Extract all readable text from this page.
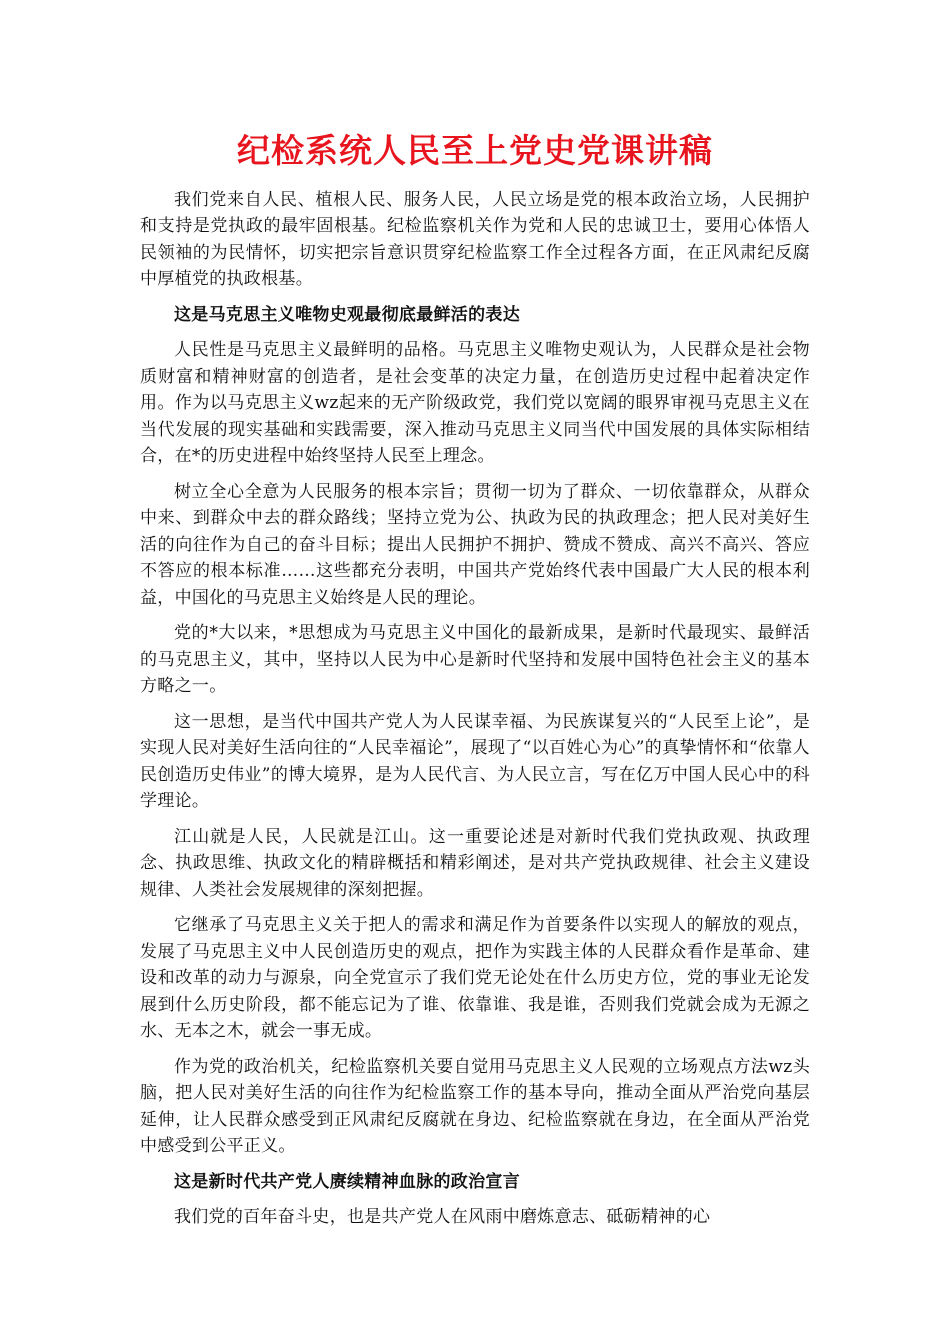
纪检系统人民至上党史党课讲稿

我们党来自人民、植根人民、服务人民，人民立场是党的根本政治立场，人民拥护和支持是党执政的最牢固根基。纪检监察机关作为党和人民的忠诚卫士，要用心体悟人民领袖的为民情怀，切实把宗旨意识贯穿纪检监察工作全过程各方面，在正风肃纪反腐中厚植党的执政根基。

这是马克思主义唯物史观最彻底最鲜活的表达

人民性是马克思主义最鲜明的品格。马克思主义唯物史观认为，人民群众是社会物质财富和精神财富的创造者，是社会变革的决定力量，在创造历史过程中起着决定作用。作为以马克思主义wz起来的无产阶级政党，我们党以宽阔的眼界审视马克思主义在当代发展的现实基础和实践需要，深入推动马克思主义同当代中国发展的具体实际相结合，在*的历史进程中始终坚持人民至上理念。

树立全心全意为人民服务的根本宗旨；贯彻一切为了群众、一切依靠群众，从群众中来、到群众中去的群众路线；坚持立党为公、执政为民的执政理念；把人民对美好生活的向往作为自己的奋斗目标；提出人民拥护不拥护、赞成不赞成、高兴不高兴、答应不答应的根本标准……这些都充分表明，中国共产党始终代表中国最广大人民的根本利益，中国化的马克思主义始终是人民的理论。

党的*大以来，*思想成为马克思主义中国化的最新成果，是新时代最现实、最鲜活的马克思主义，其中，坚持以人民为中心是新时代坚持和发展中国特色社会主义的基本方略之一。

这一思想，是当代中国共产党人为人民谋幸福、为民族谋复兴的“人民至上论”，是实现人民对美好生活向往的“人民幸福论”，展现了“以百姓心为心”的真挚情怀和“依靠人民创造历史伟业”的博大境界，是为人民代言、为人民立言，写在亿万中国人民心中的科学理论。

江山就是人民，人民就是江山。这一重要论述是对新时代我们党执政观、执政理念、执政思维、执政文化的精辟概括和精彩阐述，是对共产党执政规律、社会主义建设规律、人类社会发展规律的深刻把握。

它继承了马克思主义关于把人的需求和满足作为首要条件以实现人的解放的观点，发展了马克思主义中人民创造历史的观点，把作为实践主体的人民群众看作是革命、建设和改革的动力与源泉，向全党宣示了我们党无论处在什么历史方位，党的事业无论发展到什么历史阶段，都不能忘记为了谁、依靠谁、我是谁，否则我们党就会成为无源之水、无本之木，就会一事无成。

作为党的政治机关，纪检监察机关要自觉用马克思主义人民观的立场观点方法wz头脑，把人民对美好生活的向往作为纪检监察工作的基本导向，推动全面从严治党向基层延伸，让人民群众感受到正风肃纪反腐就在身边、纪检监察就在身边，在全面从严治党中感受到公平正义。

这是新时代共产党人赓续精神血脉的政治宣言

我们党的百年奋斗史，也是共产党人在风雨中磨炼意志、砥砺精神的心
